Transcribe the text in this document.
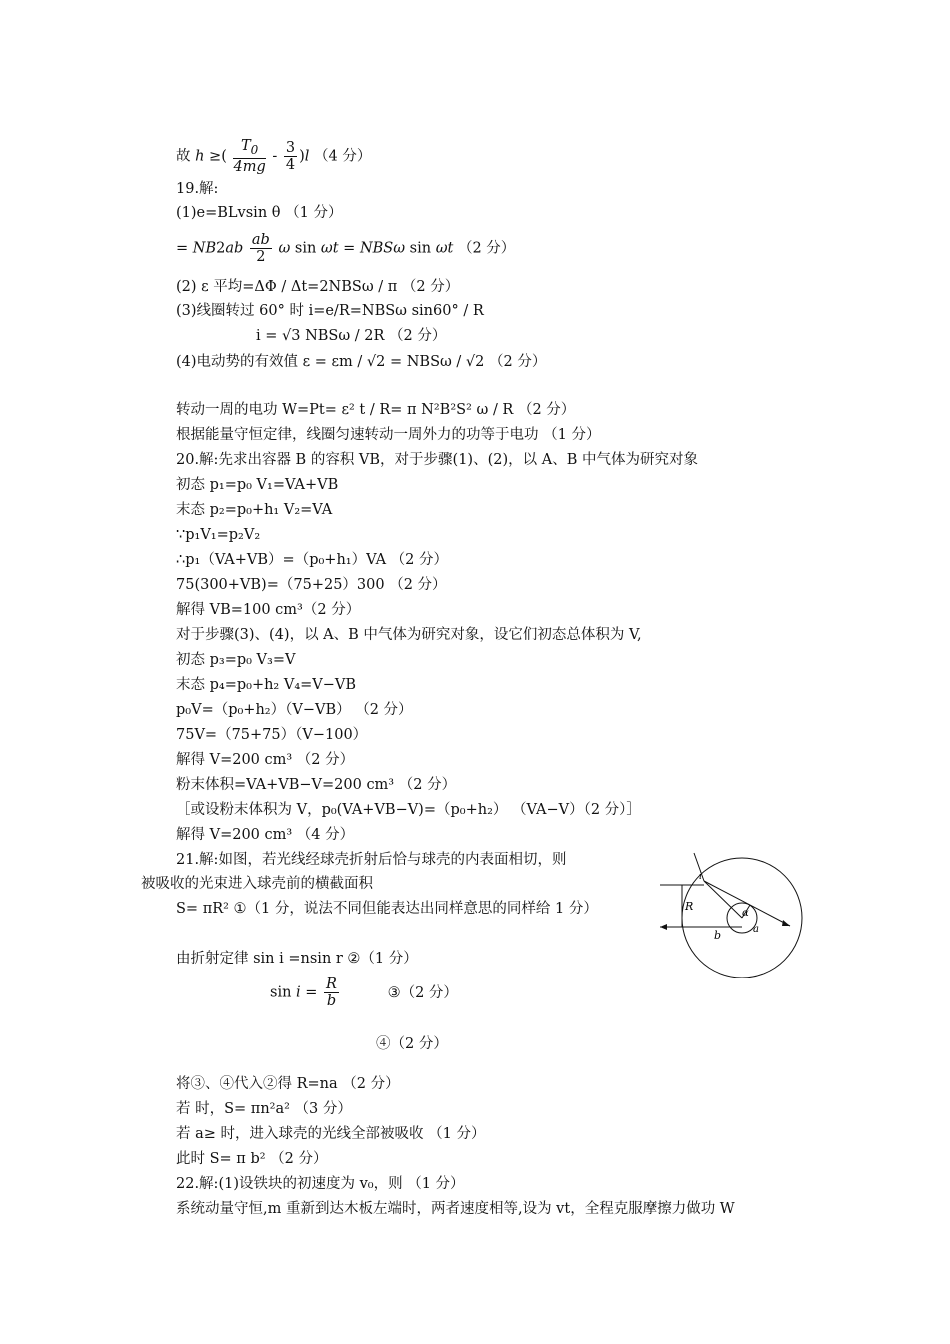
故 h ≥( $\frac{T_0}{4mg} - \frac{3}{4} )l$ （4 分）
19.解:
(1)e=BLvsin θ （1 分）
= $NB2ab \frac{ab}{2}$ ω sin ωt = NBSω sin ωt （2 分）
(2) ε 平均=ΔΦ / Δt=2NBSω / π （2 分）
(3)线圈转过 60° 时 i=e/R=NBSω sin60° / R
i = √3 NBSω / 2R （2 分）
(4)电动势的有效值 ε = εm / √2 = NBSω / √2 （2 分）
转动一周的电功 W=Pt= ε² t / R= π N²B²S² ω / R （2 分）
根据能量守恒定律，线圈匀速转动一周外力的功等于电功 （1 分）
20.解:先求出容器 B 的容积 VB，对于步骤(1)、(2)，以 A、B 中气体为研究对象
初态 p₁=p₀ V₁=VA+VB
末态 p₂=p₀+h₁ V₂=VA
∵p₁V₁=p₂V₂
∴p₁（VA+VB）=（p₀+h₁）VA （2 分）
75(300+VB)=（75+25）300 （2 分）
解得 VB=100 cm³（2 分）
对于步骤(3)、(4)，以 A、B 中气体为研究对象，设它们初态总体积为 V,
初态 p₃=p₀ V₃=V
末态 p₄=p₀+h₂ V₄=V−VB
p₀V=（p₀+h₂）（V−VB） （2 分）
75V=（75+75）（V−100）
解得 V=200 cm³ （2 分）
粉末体积=VA+VB−V=200 cm³ （2 分）
［或设粉末体积为 V，p₀(VA+VB−V)=（p₀+h₂） （VA−V）（2 分）］
解得 V=200 cm³ （4 分）
21.解:如图，若光线经球壳折射后恰与球壳的内表面相切，则
被吸收的光束进入球壳前的横截面积
S= πR² ①（1 分，说法不同但能表达出同样意思的同样给 1 分）
由折射定律 sin i =nsin r ②（1 分）
$\sin i = \frac{R}{b}$	③（2 分）
④（2 分）
将③、④代入②得 R=na （2 分）
若 时，S= πn²a² （3 分）
若 a≥ 时，进入球壳的光线全部被吸收 （1 分）
此时 S= π b² （2 分）
22.解:(1)设铁块的初速度为 v₀，则 （1 分）
系统动量守恒,m 重新到达木板左端时，两者速度相等,设为 vt，全程克服摩擦力做功 W
i
R
b
α
a
